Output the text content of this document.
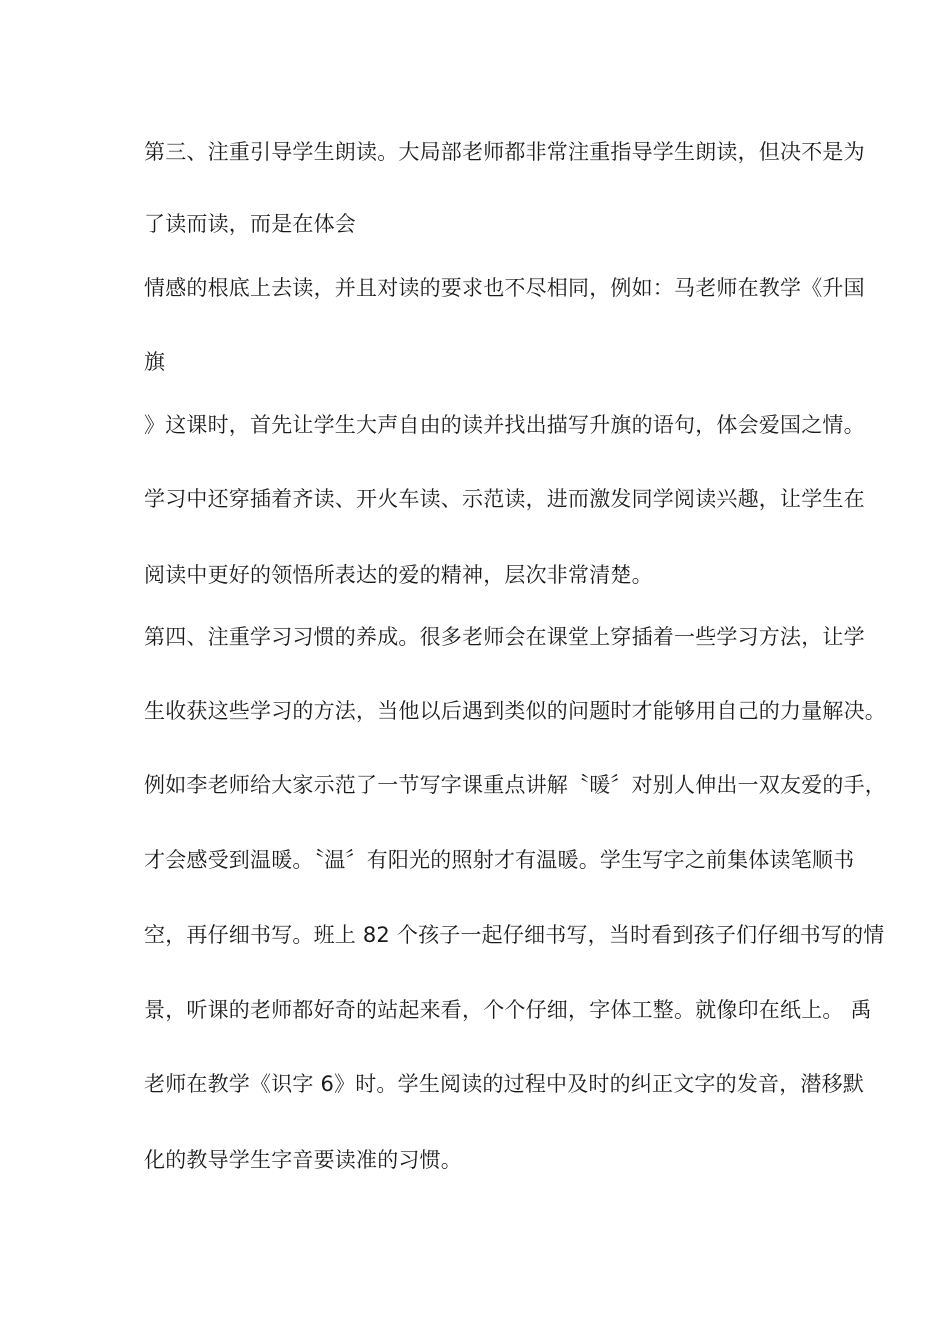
第三、注重引导学生朗读。大局部老师都非常注重指导学生朗读，但决不是为
了读而读，而是在体会
情感的根底上去读，并且对读的要求也不尽相同，例如：马老师在教学《升国
旗
》这课时，首先让学生大声自由的读并找出描写升旗的语句，体会爱国之情。
学习中还穿插着齐读、开火车读、示范读，进而激发同学阅读兴趣，让学生在
阅读中更好的领悟所表达的爱的精神，层次非常清楚。
第四、注重学习习惯的养成。很多老师会在课堂上穿插着一些学习方法，让学
生收获这些学习的方法，当他以后遇到类似的问题时才能够用自己的力量解决。
例如李老师给大家示范了一节写字课重点讲解〝暖〞对别人伸出一双友爱的手，
才会感受到温暖。〝温〞有阳光的照射才有温暖。学生写字之前集体读笔顺书
空，再仔细书写。班上 82 个孩子一起仔细书写，当时看到孩子们仔细书写的情
景，听课的老师都好奇的站起来看，个个仔细，字体工整。就像印在纸上。 禹
老师在教学《识字 6》时。学生阅读的过程中及时的纠正文字的发音，潜移默
化的教导学生字音要读准的习惯。
